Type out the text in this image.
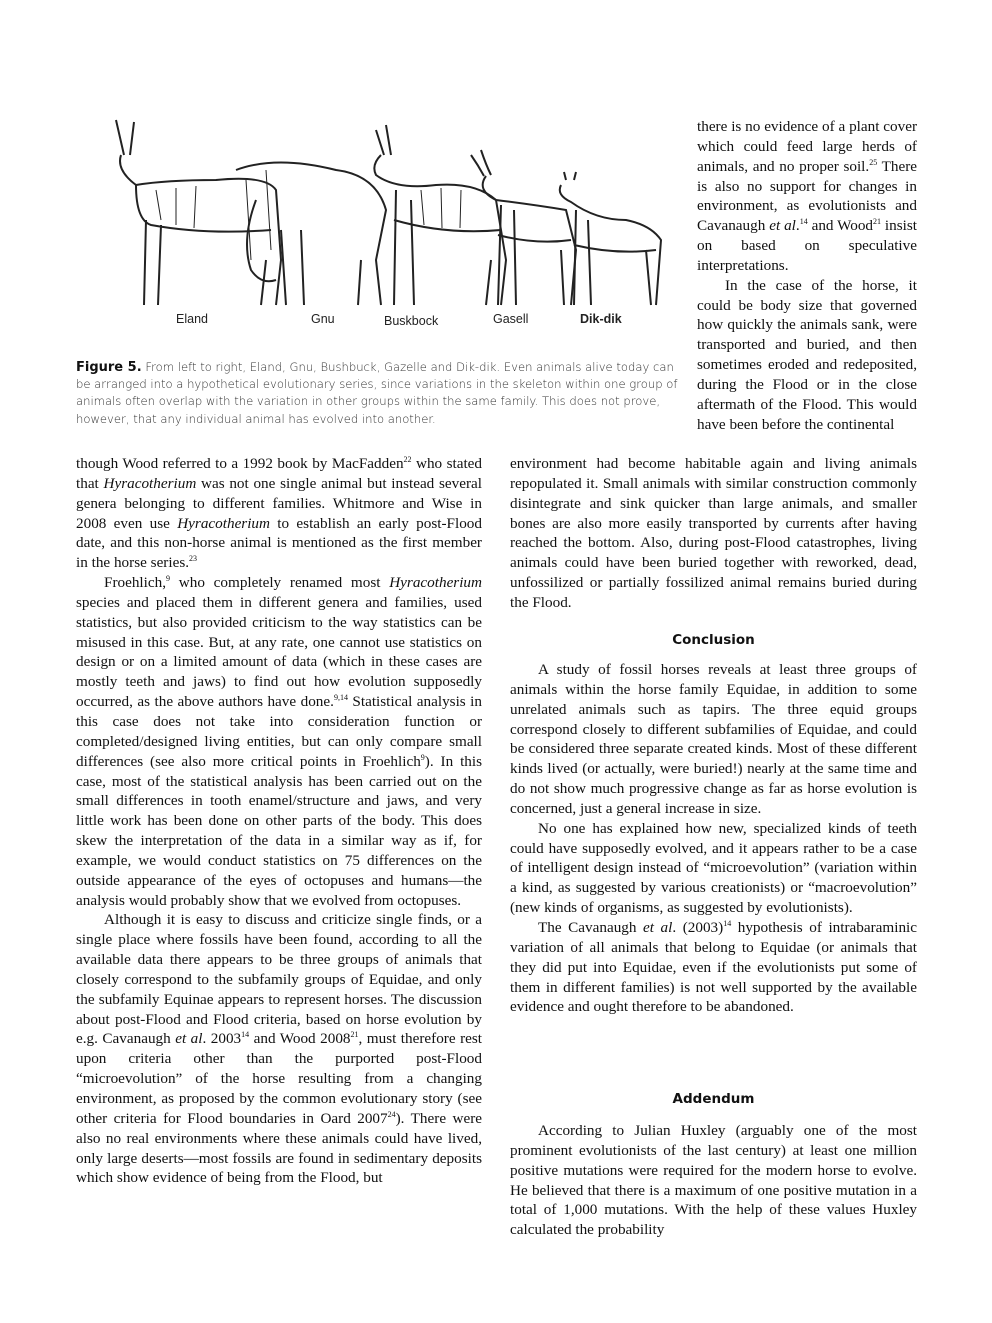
Eland	Gnu	Buskbock	Gasell	Dik-dik
Figure 5. From left to right, Eland, Gnu, Bushbuck, Gazelle and Dik-dik. Even animals alive today can be arranged into a hypothetical evolutionary series, since variations in the skeleton within one group of animals often overlap with the variation in other groups within the same family. This does not prove, however, that any individual animal has evolved into another.

there is no evidence of a plant cover which could feed large herds of animals, and no proper soil.$^{25}$ There is also no support for changes in environment, as evolutionists and Cavanaugh et al.$^{14}$ and Wood$^{21}$ insist on based on speculative interpretations.

In the case of the horse, it could be body size that governed how quickly the animals sank, were transported and buried, and then sometimes eroded and redeposited, during the Flood or in the close aftermath of the Flood. This would have been before the continental

though Wood referred to a 1992 book by MacFadden$^{22}$ who stated that Hyracotherium was not one single animal but instead several genera belonging to different families. Whitmore and Wise in 2008 even use Hyracotherium to establish an early post-Flood date, and this non-horse animal is mentioned as the first member in the horse series.$^{23}$

Froehlich,$^9$ who completely renamed most Hyracotherium species and placed them in different genera and families, used statistics, but also provided criticism to the way statistics can be misused in this case. But, at any rate, one cannot use statistics on design or on a limited amount of data (which in these cases are mostly teeth and jaws) to find out how evolution supposedly occurred, as the above authors have done.$^{9,14}$ Statistical analysis in this case does not take into consideration function or completed/designed living entities, but can only compare small differences (see also more critical points in Froehlich$^9$). In this case, most of the statistical analysis has been carried out on the small differences in tooth enamel/structure and jaws, and very little work has been done on other parts of the body. This does skew the interpretation of the data in a similar way as if, for example, we would conduct statistics on 75 differences on the outside appearance of the eyes of octopuses and humans—the analysis would probably show that we evolved from octopuses.

Although it is easy to discuss and criticize single finds, or a single place where fossils have been found, according to all the available data there appears to be three groups of animals that closely correspond to the subfamily groups of Equidae, and only the subfamily Equinae appears to represent horses. The discussion about post-Flood and Flood criteria, based on horse evolution by e.g. Cavanaugh et al. 2003$^{14}$ and Wood 2008$^{21}$, must therefore rest upon criteria other than the purported post-Flood “microevolution” of the horse resulting from a changing environment, as proposed by the common evolutionary story (see other criteria for Flood boundaries in Oard 2007$^{24}$). There were also no real environments where these animals could have lived, only large deserts—most fossils are found in sedimentary deposits which show evidence of being from the Flood, but

environment had become habitable again and living animals repopulated it. Small animals with similar construction commonly disintegrate and sink quicker than large animals, and smaller bones are also more easily transported by currents after having reached the bottom. Also, during post-Flood catastrophes, living animals could have been buried together with reworked, dead, unfossilized or partially fossilized animal remains buried during the Flood.

Conclusion

A study of fossil horses reveals at least three groups of animals within the horse family Equidae, in addition to some unrelated animals such as tapirs. The three equid groups correspond closely to different subfamilies of Equidae, and could be considered three separate created kinds. Most of these different kinds lived (or actually, were buried!) nearly at the same time and do not show much progressive change as far as horse evolution is concerned, just a general increase in size.

No one has explained how new, specialized kinds of teeth could have supposedly evolved, and it appears rather to be a case of intelligent design instead of “microevolution” (variation within a kind, as suggested by various creationists) or “macroevolution” (new kinds of organisms, as suggested by evolutionists).

The Cavanaugh et al. $(2003)^{14}$ hypothesis of intrabaraminic variation of all animals that belong to Equidae (or animals that they did put into Equidae, even if the evolutionists put some of them in different families) is not well supported by the available evidence and ought therefore to be abandoned.

Addendum

According to Julian Huxley (arguably one of the most prominent evolutionists of the last century) at least one million positive mutations were required for the modern horse to evolve. He believed that there is a maximum of one positive mutation in a total of 1,000 mutations. With the help of these values Huxley calculated the probability
